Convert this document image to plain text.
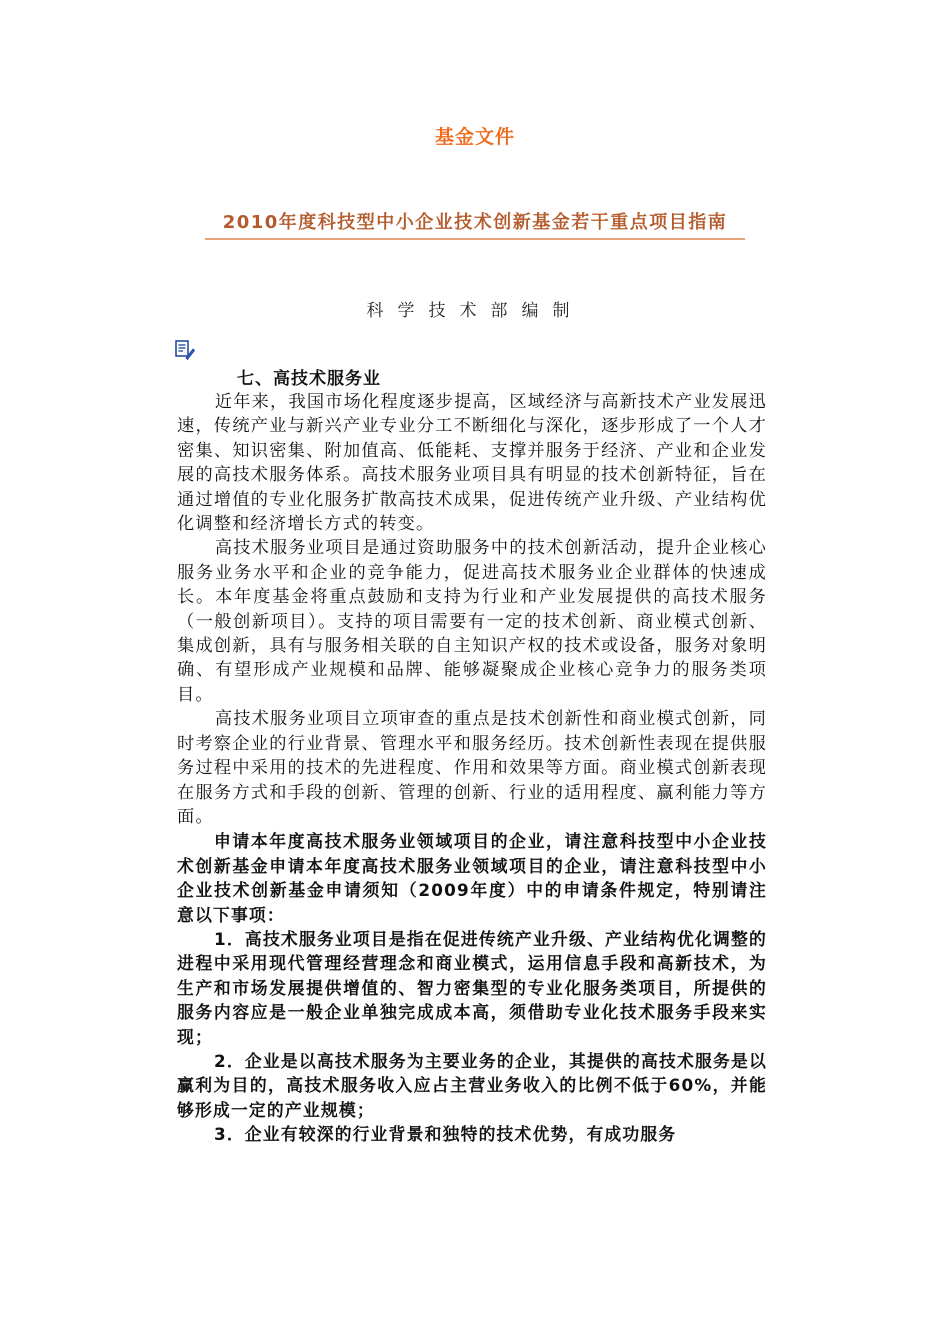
基金文件
2010年度科技型中小企业技术创新基金若干重点项目指南
科学技术部编制
七、高技术服务业

近年来，我国市场化程度逐步提高，区域经济与高新技术产业发展迅速，传统产业与新兴产业专业分工不断细化与深化，逐步形成了一个人才密集、知识密集、附加值高、低能耗、支撑并服务于经济、产业和企业发展的高技术服务体系。高技术服务业项目具有明显的技术创新特征，旨在通过增值的专业化服务扩散高技术成果，促进传统产业升级、产业结构优化调整和经济增长方式的转变。

高技术服务业项目是通过资助服务中的技术创新活动，提升企业核心服务业务水平和企业的竞争能力，促进高技术服务业企业群体的快速成长。本年度基金将重点鼓励和支持为行业和产业发展提供的高技术服务（一般创新项目）。支持的项目需要有一定的技术创新、商业模式创新、集成创新，具有与服务相关联的自主知识产权的技术或设备，服务对象明确、有望形成产业规模和品牌、能够凝聚成企业核心竞争力的服务类项目。

高技术服务业项目立项审查的重点是技术创新性和商业模式创新，同时考察企业的行业背景、管理水平和服务经历。技术创新性表现在提供服务过程中采用的技术的先进程度、作用和效果等方面。商业模式创新表现在服务方式和手段的创新、管理的创新、行业的适用程度、赢利能力等方面。

申请本年度高技术服务业领域项目的企业，请注意科技型中小企业技术创新基金申请本年度高技术服务业领域项目的企业，请注意科技型中小企业技术创新基金申请须知（2009年度）中的申请条件规定，特别请注意以下事项：

1．高技术服务业项目是指在促进传统产业升级、产业结构优化调整的进程中采用现代管理经营理念和商业模式，运用信息手段和高新技术，为生产和市场发展提供增值的、智力密集型的专业化服务类项目，所提供的服务内容应是一般企业单独完成成本高，须借助专业化技术服务手段来实现；

2．企业是以高技术服务为主要业务的企业，其提供的高技术服务是以赢利为目的，高技术服务收入应占主营业务收入的比例不低于60%，并能够形成一定的产业规模；

3．企业有较深的行业背景和独特的技术优势，有成功服务
